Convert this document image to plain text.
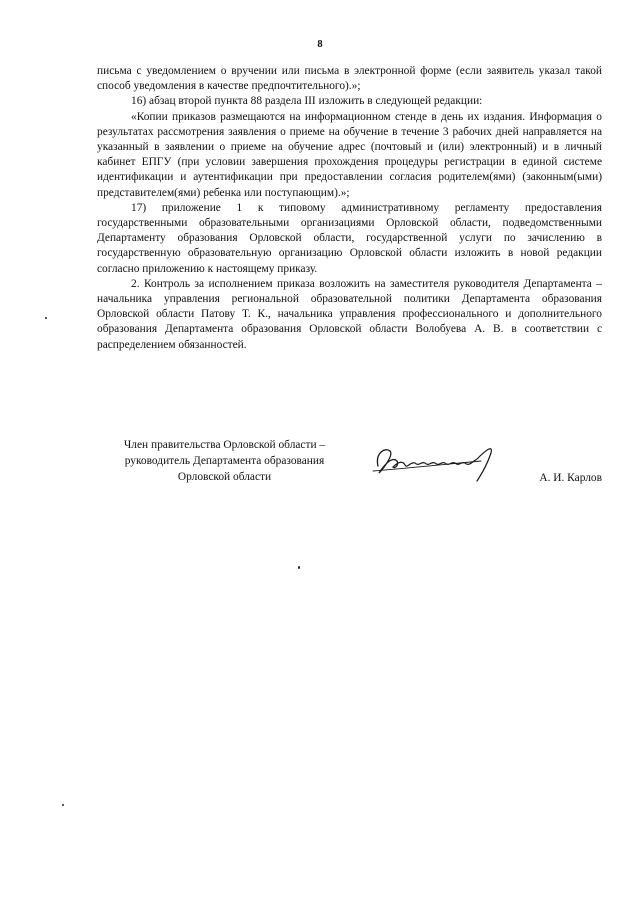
8

письма с уведомлением о вручении или письма в электронной форме (если заявитель указал такой способ уведомления в качестве предпочтительного).»;

16) абзац второй пункта 88 раздела III изложить в следующей редакции:

«Копии приказов размещаются на информационном стенде в день их издания. Информация о результатах рассмотрения заявления о приеме на обучение в течение 3 рабочих дней направляется на указанный в заявлении о приеме на обучение адрес (почтовый и (или) электронный) и в личный кабинет ЕПГУ (при условии завершения прохождения процедуры регистрации в единой системе идентификации и аутентификации при предоставлении согласия родителем(ями) (законным(ыми) представителем(ями) ребенка или поступающим).»;

17) приложение 1 к типовому административному регламенту предоставления государственными образовательными организациями Орловской области, подведомственными Департаменту образования Орловской области, государственной услуги по зачислению в государственную образовательную организацию Орловской области изложить в новой редакции согласно приложению к настоящему приказу.

2. Контроль за исполнением приказа возложить на заместителя руководителя Департамента – начальника управления региональной образовательной политики Департамента образования Орловской области Патову Т. К., начальника управления профессионального и дополнительного образования Департамента образования Орловской области Волобуева А. В. в соответствии с распределением обязанностей.

Член правительства Орловской области –
руководитель Департамента образования
Орловской области	А. И. Карлов
